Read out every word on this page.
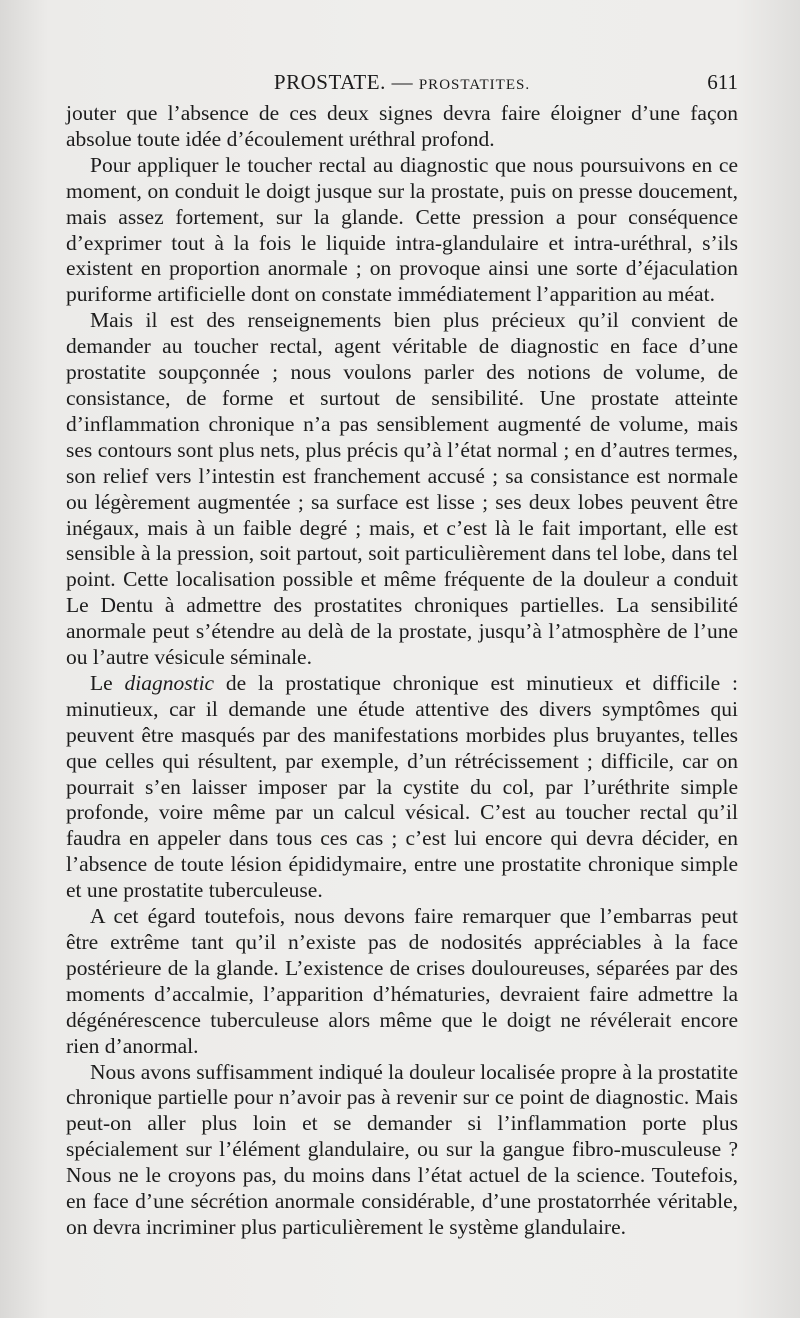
PROSTATE. — PROSTATITES.	611

jouter que l’absence de ces deux signes devra faire éloigner d’une façon absolue toute idée d’écoulement uréthral profond.

Pour appliquer le toucher rectal au diagnostic que nous poursuivons en ce moment, on conduit le doigt jusque sur la prostate, puis on presse doucement, mais assez fortement, sur la glande. Cette pression a pour conséquence d’exprimer tout à la fois le liquide intra-glandulaire et intra-uréthral, s’ils existent en proportion anormale ; on provoque ainsi une sorte d’éjaculation puriforme artificielle dont on constate immédiatement l’apparition au méat.

Mais il est des renseignements bien plus précieux qu’il convient de demander au toucher rectal, agent véritable de diagnostic en face d’une prostatite soupçonnée ; nous voulons parler des notions de volume, de consistance, de forme et surtout de sensibilité. Une prostate atteinte d’inflammation chronique n’a pas sensiblement augmenté de volume, mais ses contours sont plus nets, plus précis qu’à l’état normal ; en d’autres termes, son relief vers l’intestin est franchement accusé ; sa consistance est normale ou légèrement augmentée ; sa surface est lisse ; ses deux lobes peuvent être inégaux, mais à un faible degré ; mais, et c’est là le fait important, elle est sensible à la pression, soit partout, soit particulièrement dans tel lobe, dans tel point. Cette localisation possible et même fréquente de la douleur a conduit Le Dentu à admettre des prostatites chroniques partielles. La sensibilité anormale peut s’étendre au delà de la prostate, jusqu’à l’atmosphère de l’une ou l’autre vésicule séminale.

Le diagnostic de la prostatique chronique est minutieux et difficile : minutieux, car il demande une étude attentive des divers symptômes qui peuvent être masqués par des manifestations morbides plus bruyantes, telles que celles qui résultent, par exemple, d’un rétrécissement ; difficile, car on pourrait s’en laisser imposer par la cystite du col, par l’uréthrite simple profonde, voire même par un calcul vésical. C’est au toucher rectal qu’il faudra en appeler dans tous ces cas ; c’est lui encore qui devra décider, en l’absence de toute lésion épididymaire, entre une prostatite chronique simple et une prostatite tuberculeuse.

A cet égard toutefois, nous devons faire remarquer que l’embarras peut être extrême tant qu’il n’existe pas de nodosités appréciables à la face postérieure de la glande. L’existence de crises douloureuses, séparées par des moments d’accalmie, l’apparition d’hématuries, devraient faire admettre la dégénérescence tuberculeuse alors même que le doigt ne révélerait encore rien d’anormal.

Nous avons suffisamment indiqué la douleur localisée propre à la prostatite chronique partielle pour n’avoir pas à revenir sur ce point de diagnostic. Mais peut-on aller plus loin et se demander si l’inflammation porte plus spécialement sur l’élément glandulaire, ou sur la gangue fibro-musculeuse ? Nous ne le croyons pas, du moins dans l’état actuel de la science. Toutefois, en face d’une sécrétion anormale considérable, d’une prostatorrhée véritable, on devra incriminer plus particulièrement le système glandulaire.
